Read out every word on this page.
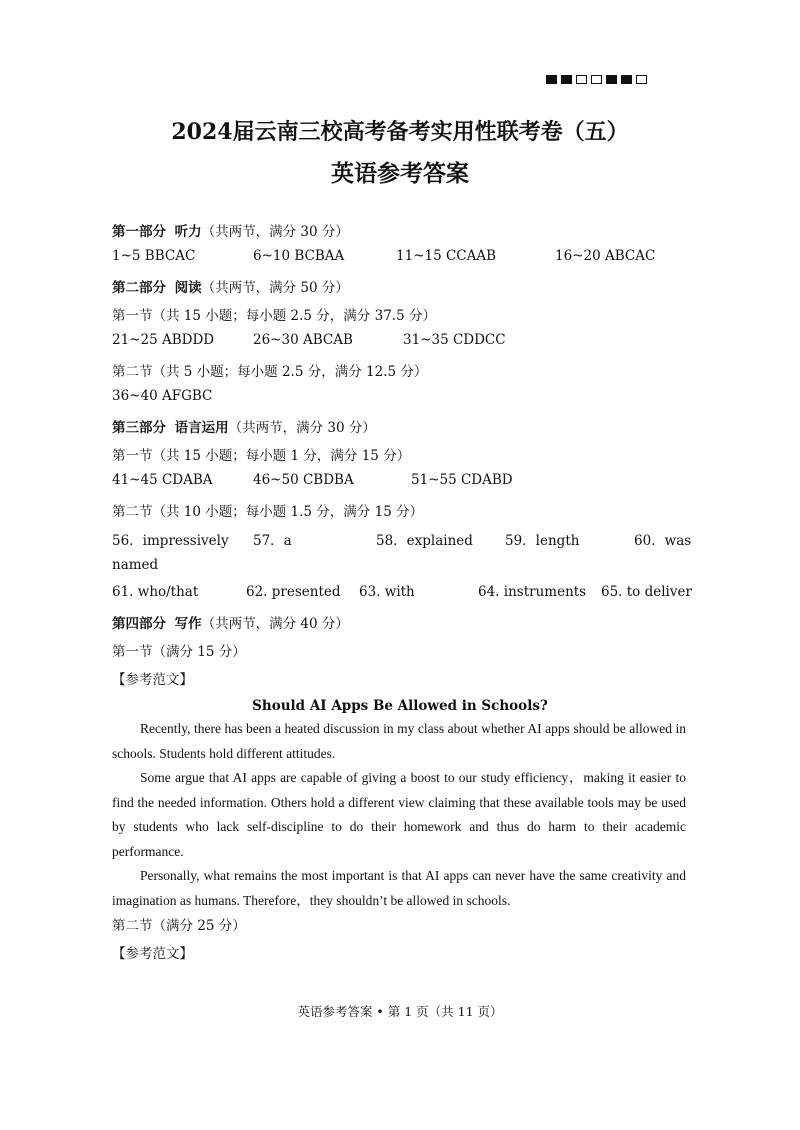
2024届云南三校高考备考实用性联考卷（五）
英语参考答案
第一部分 听力（共两节，满分 30 分）
1~5 BBCAC	6~10 BCBAA	11~15 CCAAB	16~20 ABCAC
第二部分 阅读（共两节，满分 50 分）
第一节（共 15 小题；每小题 2.5 分，满分 37.5 分）
21~25 ABDDD	26~30 ABCAB	31~35 CDDCC
第二节（共 5 小题；每小题 2.5 分，满分 12.5 分）
36~40 AFGBC
第三部分 语言运用（共两节，满分 30 分）
第一节（共 15 小题；每小题 1 分，满分 15 分）
41~45 CDABA	46~50 CBDBA	51~55 CDABD
第二节（共 10 小题；每小题 1.5 分，满分 15 分）
56．impressively 57．a	58．explained 59．length	60．was
named
61. who/that	62. presented 63. with	64. instruments 65. to deliver
第四部分 写作（共两节，满分 40 分）
第一节（满分 15 分）
【参考范文】
Should AI Apps Be Allowed in Schools?

Recently, there has been a heated discussion in my class about whether AI apps should be allowed in schools. Students hold different attitudes.

Some argue that AI apps are capable of giving a boost to our study efficiency，making it easier to find the needed information. Others hold a different view claiming that these available tools may be used by students who lack self-discipline to do their homework and thus do harm to their academic performance.

Personally, what remains the most important is that AI apps can never have the same creativity and imagination as humans. Therefore，they shouldn’t be allowed in schools.

第二节（满分 25 分）
【参考范文】
英语参考答案 • 第 1 页（共 11 页）
